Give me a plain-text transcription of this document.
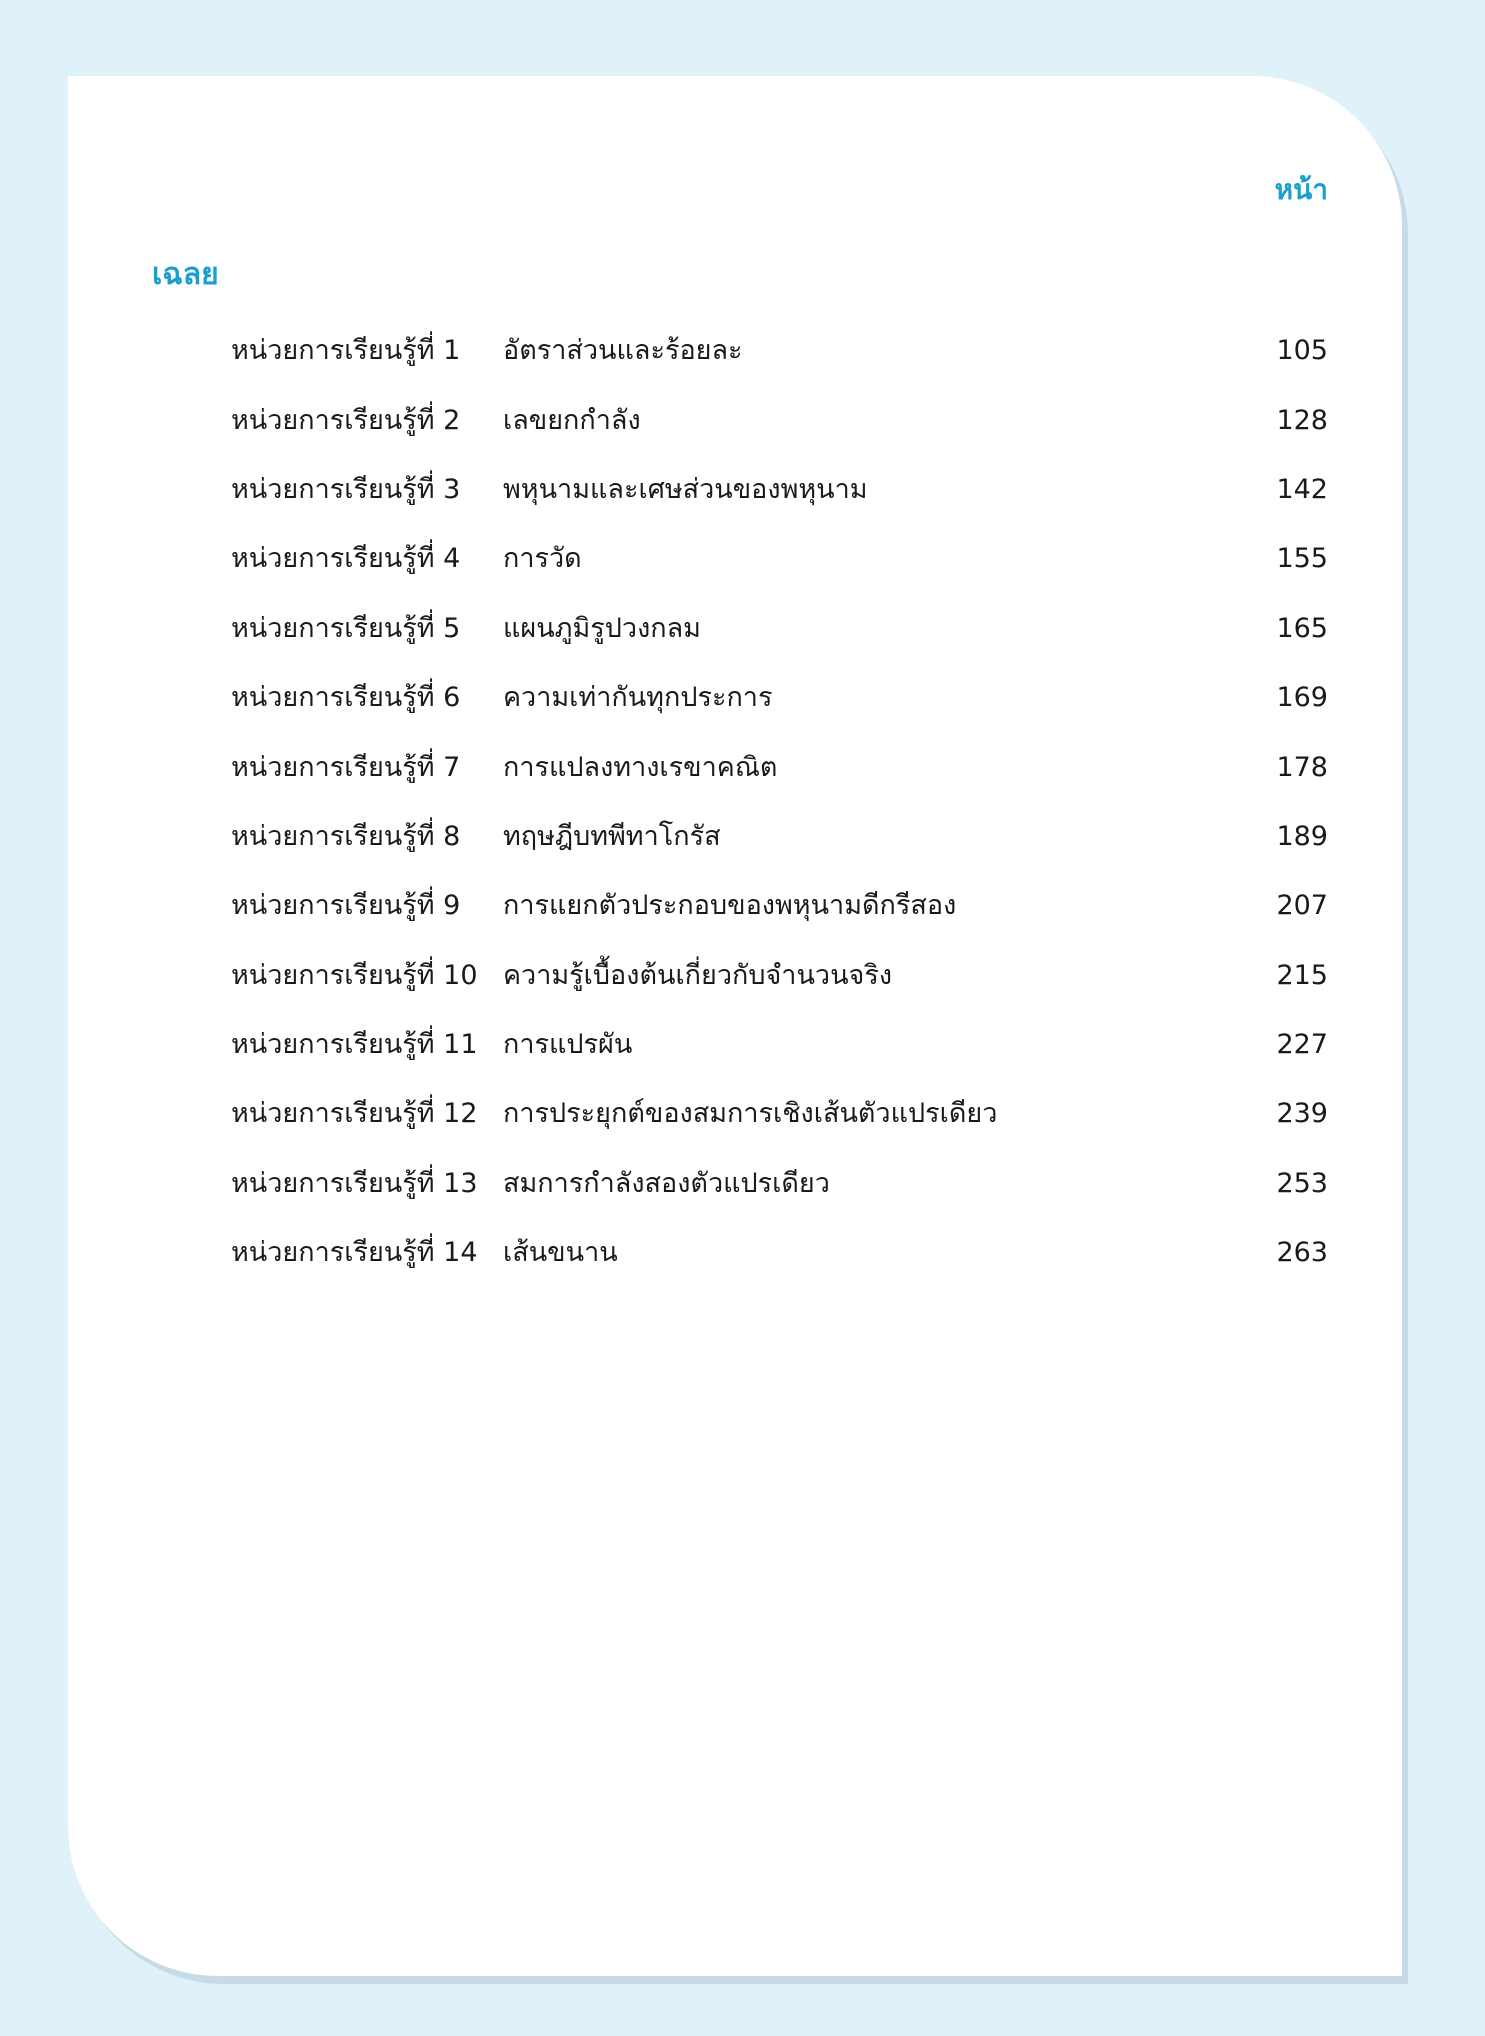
หน้า
เฉลย
หน่วยการเรียนรู้ที่ 1	อัตราส่วนและร้อยละ	105
หน่วยการเรียนรู้ที่ 2	เลขยกกำลัง	128
หน่วยการเรียนรู้ที่ 3	พหุนามและเศษส่วนของพหุนาม	142
หน่วยการเรียนรู้ที่ 4	การวัด	155
หน่วยการเรียนรู้ที่ 5	แผนภูมิรูปวงกลม	165
หน่วยการเรียนรู้ที่ 6	ความเท่ากันทุกประการ	169
หน่วยการเรียนรู้ที่ 7	การแปลงทางเรขาคณิต	178
หน่วยการเรียนรู้ที่ 8	ทฤษฎีบทพีทาโกรัส	189
หน่วยการเรียนรู้ที่ 9	การแยกตัวประกอบของพหุนามดีกรีสอง	207
หน่วยการเรียนรู้ที่ 10 ความรู้เบื้องต้นเกี่ยวกับจำนวนจริง	215
หน่วยการเรียนรู้ที่ 11 การแปรผัน	227
หน่วยการเรียนรู้ที่ 12 การประยุกต์ของสมการเชิงเส้นตัวแปรเดียว	239
หน่วยการเรียนรู้ที่ 13 สมการกำลังสองตัวแปรเดียว	253
หน่วยการเรียนรู้ที่ 14 เส้นขนาน	263
